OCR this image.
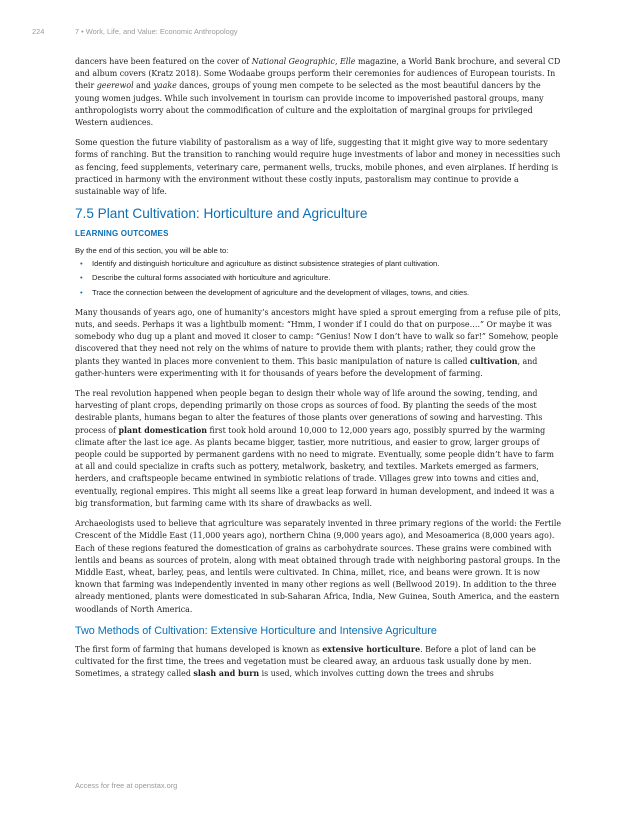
224	7 • Work, Life, and Value: Economic Anthropology

dancers have been featured on the cover of National Geographic, Elle magazine, a World Bank brochure, and several CD and album covers (Kratz 2018). Some Wodaabe groups perform their ceremonies for audiences of European tourists. In their geerewol and yaake dances, groups of young men compete to be selected as the most beautiful dancers by the young women judges. While such involvement in tourism can provide income to impoverished pastoral groups, many anthropologists worry about the commodification of culture and the exploitation of marginal groups for privileged Western audiences.

Some question the future viability of pastoralism as a way of life, suggesting that it might give way to more sedentary forms of ranching. But the transition to ranching would require huge investments of labor and money in necessities such as fencing, feed supplements, veterinary care, permanent wells, trucks, mobile phones, and even airplanes. If herding is practiced in harmony with the environment without these costly inputs, pastoralism may continue to provide a sustainable way of life.

7.5 Plant Cultivation: Horticulture and Agriculture
LEARNING OUTCOMES

By the end of this section, you will be able to:

• Identify and distinguish horticulture and agriculture as distinct subsistence strategies of plant cultivation.
• Describe the cultural forms associated with horticulture and agriculture.
• Trace the connection between the development of agriculture and the development of villages, towns, and cities.

Many thousands of years ago, one of humanity’s ancestors might have spied a sprout emerging from a refuse pile of pits, nuts, and seeds. Perhaps it was a lightbulb moment: “Hmm, I wonder if I could do that on purpose….” Or maybe it was somebody who dug up a plant and moved it closer to camp: “Genius! Now I don’t have to walk so far!” Somehow, people discovered that they need not rely on the whims of nature to provide them with plants; rather, they could grow the plants they wanted in places more convenient to them. This basic manipulation of nature is called cultivation, and gather-hunters were experimenting with it for thousands of years before the development of farming.

The real revolution happened when people began to design their whole way of life around the sowing, tending, and harvesting of plant crops, depending primarily on those crops as sources of food. By planting the seeds of the most desirable plants, humans began to alter the features of those plants over generations of sowing and harvesting. This process of plant domestication first took hold around 10,000 to 12,000 years ago, possibly spurred by the warming climate after the last ice age. As plants became bigger, tastier, more nutritious, and easier to grow, larger groups of people could be supported by permanent gardens with no need to migrate. Eventually, some people didn’t have to farm at all and could specialize in crafts such as pottery, metalwork, basketry, and textiles. Markets emerged as farmers, herders, and craftspeople became entwined in symbiotic relations of trade. Villages grew into towns and cities and, eventually, regional empires. This might all seems like a great leap forward in human development, and indeed it was a big transformation, but farming came with its share of drawbacks as well.

Archaeologists used to believe that agriculture was separately invented in three primary regions of the world: the Fertile Crescent of the Middle East (11,000 years ago), northern China (9,000 years ago), and Mesoamerica (8,000 years ago). Each of these regions featured the domestication of grains as carbohydrate sources. These grains were combined with lentils and beans as sources of protein, along with meat obtained through trade with neighboring pastoral groups. In the Middle East, wheat, barley, peas, and lentils were cultivated. In China, millet, rice, and beans were grown. It is now known that farming was independently invented in many other regions as well (Bellwood 2019). In addition to the three already mentioned, plants were domesticated in sub-Saharan Africa, India, New Guinea, South America, and the eastern woodlands of North America.

Two Methods of Cultivation: Extensive Horticulture and Intensive Agriculture

The first form of farming that humans developed is known as extensive horticulture. Before a plot of land can be cultivated for the first time, the trees and vegetation must be cleared away, an arduous task usually done by men. Sometimes, a strategy called slash and burn is used, which involves cutting down the trees and shrubs

Access for free at openstax.org
